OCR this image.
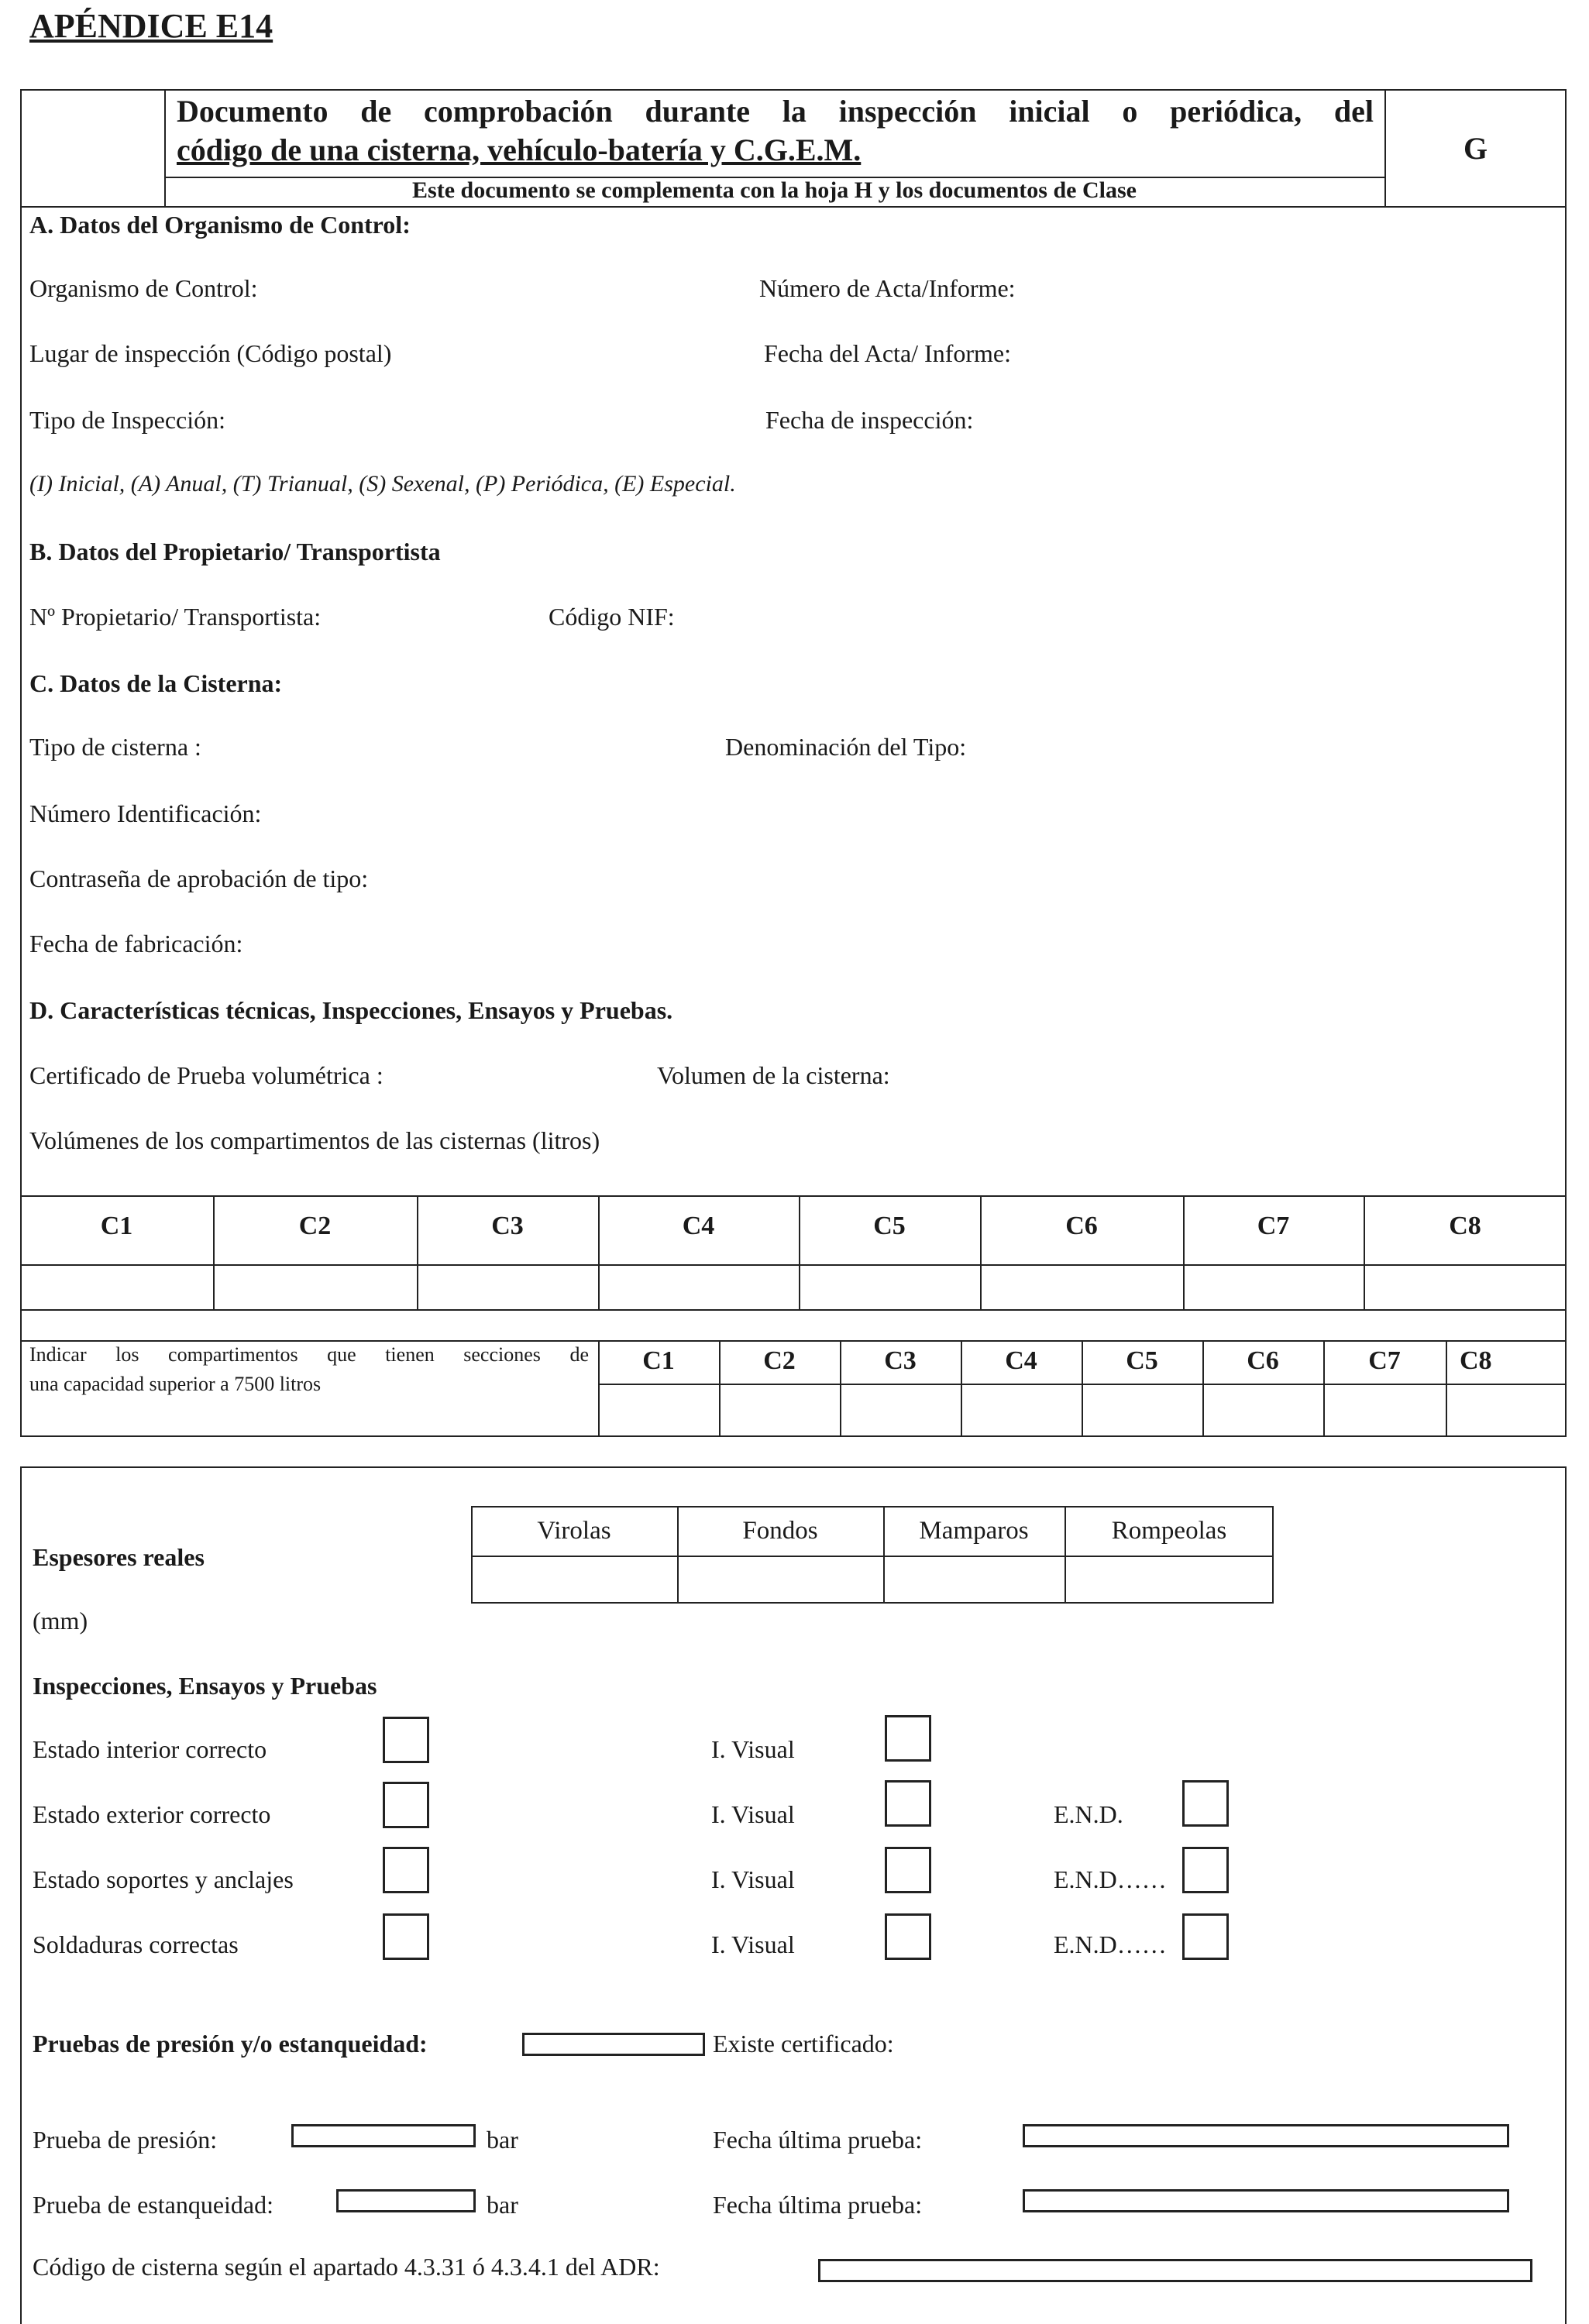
APÉNDICE E14
Documento de comprobación durante la inspección inicial o periódica, del
código de una cisterna, vehículo-batería y C.G.E.M.
Este documento se complementa con la hoja H y los documentos de Clase
G
A. Datos del Organismo de Control:
Organismo de Control:	Número de Acta/Informe:
Lugar de inspección (Código postal)	Fecha del Acta/ Informe:
Tipo de Inspección:	Fecha de inspección:
(I) Inicial, (A) Anual, (T) Trianual, (S) Sexenal, (P) Periódica, (E) Especial.
B. Datos del Propietario/ Transportista
Nº Propietario/ Transportista:	Código NIF:
C. Datos de la Cisterna:
Tipo de cisterna :	Denominación del Tipo:
Número Identificación:
Contraseña de aprobación de tipo:
Fecha de fabricación:
D. Características técnicas, Inspecciones, Ensayos y Pruebas.
Certificado de Prueba volumétrica :	Volumen de la cisterna:
Volúmenes de los compartimentos de las cisternas (litros)
C1	C2	C3	C4	C5	C6	C7	C8
Indicar los compartimentos que tienen secciones de
una capacidad superior a 7500 litros
C1	C2	C3	C4	C5	C6	C7	C8
Virolas	Fondos	Mamparos	Rompeolas
Espesores reales
(mm)
Inspecciones, Ensayos y Pruebas
Estado interior correcto	I. Visual
Estado exterior correcto	I. Visual	E.N.D.
Estado soportes y anclajes	I. Visual	E.N.D……
Soldaduras correctas	I. Visual	E.N.D……
Pruebas de presión y/o estanqueidad:	Existe certificado:
Prueba de presión:	bar	Fecha última prueba:
Prueba de estanqueidad:	bar	Fecha última prueba:
Código de cisterna según el apartado 4.3.31 ó 4.3.4.1 del ADR:
